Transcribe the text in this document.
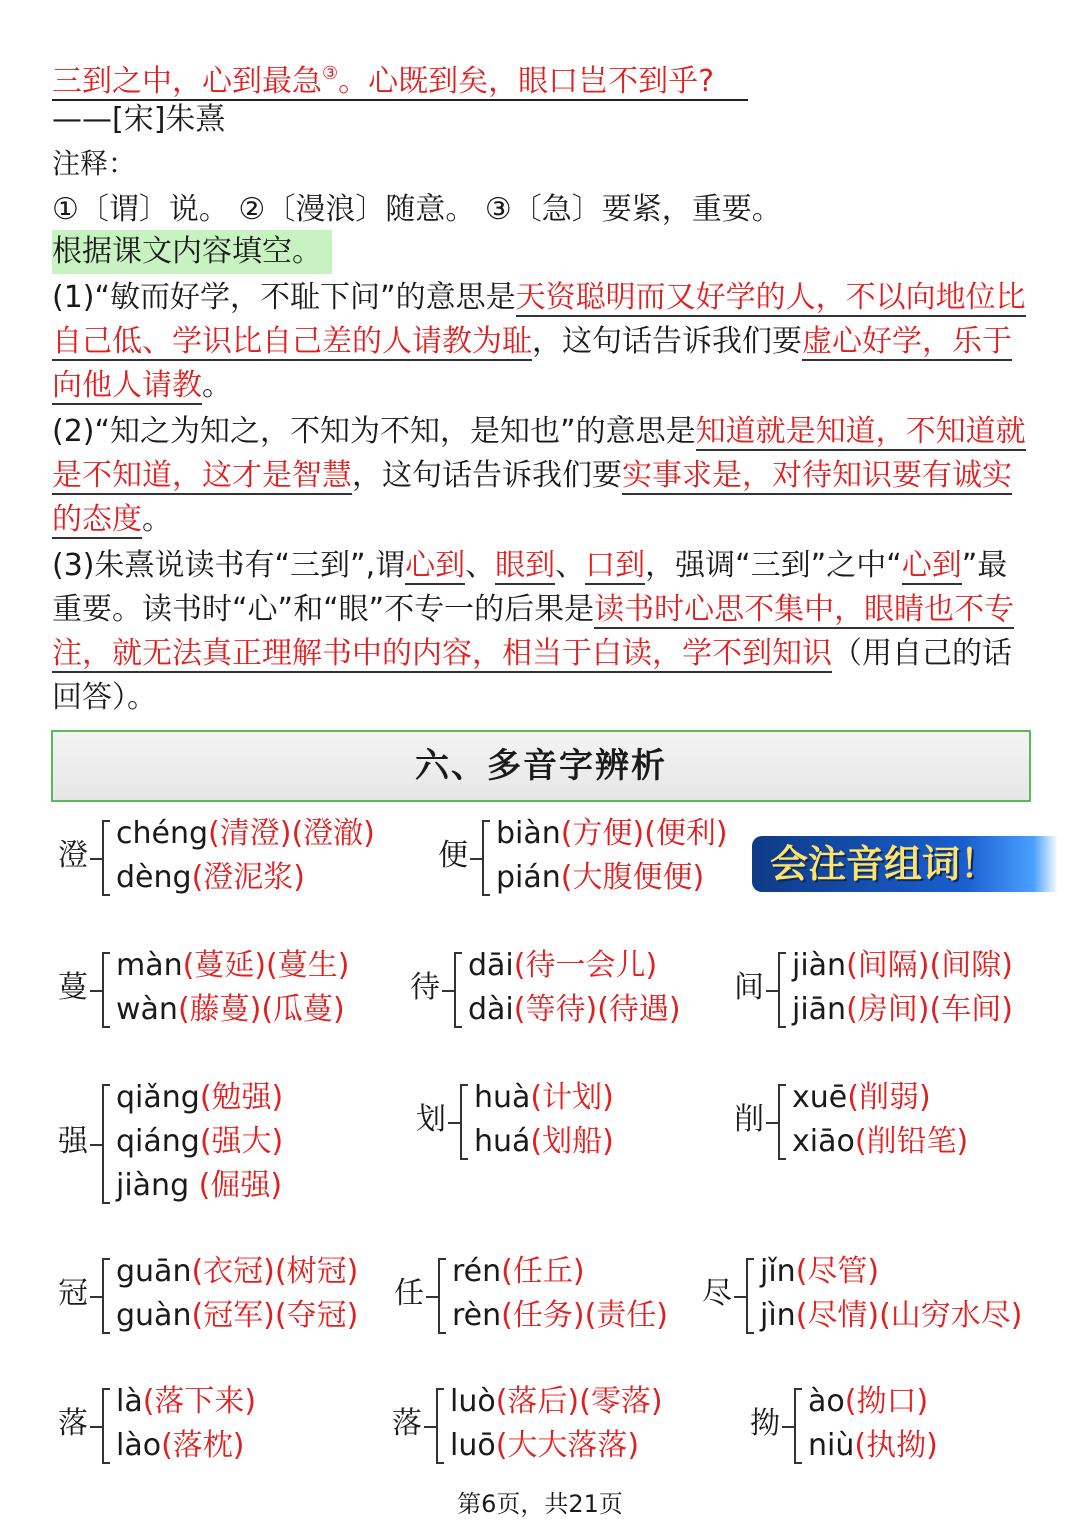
三到之中，心到最急③。心既到矣，眼口岂不到乎?
——[宋]朱熹
注释：
①〔谓〕说。 ②〔漫浪〕随意。 ③〔急〕要紧，重要。
根据课文内容填空。
(1)“敏而好学，不耻下问”的意思是天资聪明而又好学的人，不以向地位比自己低、学识比自己差的人请教为耻，这句话告诉我们要虚心好学，乐于向他人请教。
(2)“知之为知之，不知为不知，是知也”的意思是知道就是知道，不知道就是不知道，这才是智慧，这句话告诉我们要实事求是，对待知识要有诚实的态度。
(3)朱熹说读书有“三到”,谓心到、眼到、口到，强调“三到”之中“心到”最重要。读书时“心”和“眼”不专一的后果是读书时心思不集中，眼睛也不专注，就无法真正理解书中的内容，相当于白读，学不到知识（用自己的话回答）。
六、多音字辨析
会注音组词！
澄
chéng(清澄)(澄澈)
dèng(澄泥浆)
便
biàn(方便)(便利)
pián(大腹便便)
蔓
màn(蔓延)(蔓生)
wàn(藤蔓)(瓜蔓)
待
dāi(待一会儿)
dài(等待)(待遇)
间
jiàn(间隔)(间隙)
jiān(房间)(车间)
强
qiǎng(勉强)
qiáng(强大)
jiàng (倔强)
划
huà(计划)
huá(划船)
削
xuē(削弱)
xiāo(削铅笔)
冠
guān(衣冠)(树冠)
guàn(冠军)(夺冠)
任
rén(任丘)
rèn(任务)(责任)
尽
jǐn(尽管)
jìn(尽情)(山穷水尽)
落
là(落下来)
lào(落枕)
落
luò(落后)(零落)
luō(大大落落)
拗
ào(拗口)
niù(执拗)
第6页，共21页
